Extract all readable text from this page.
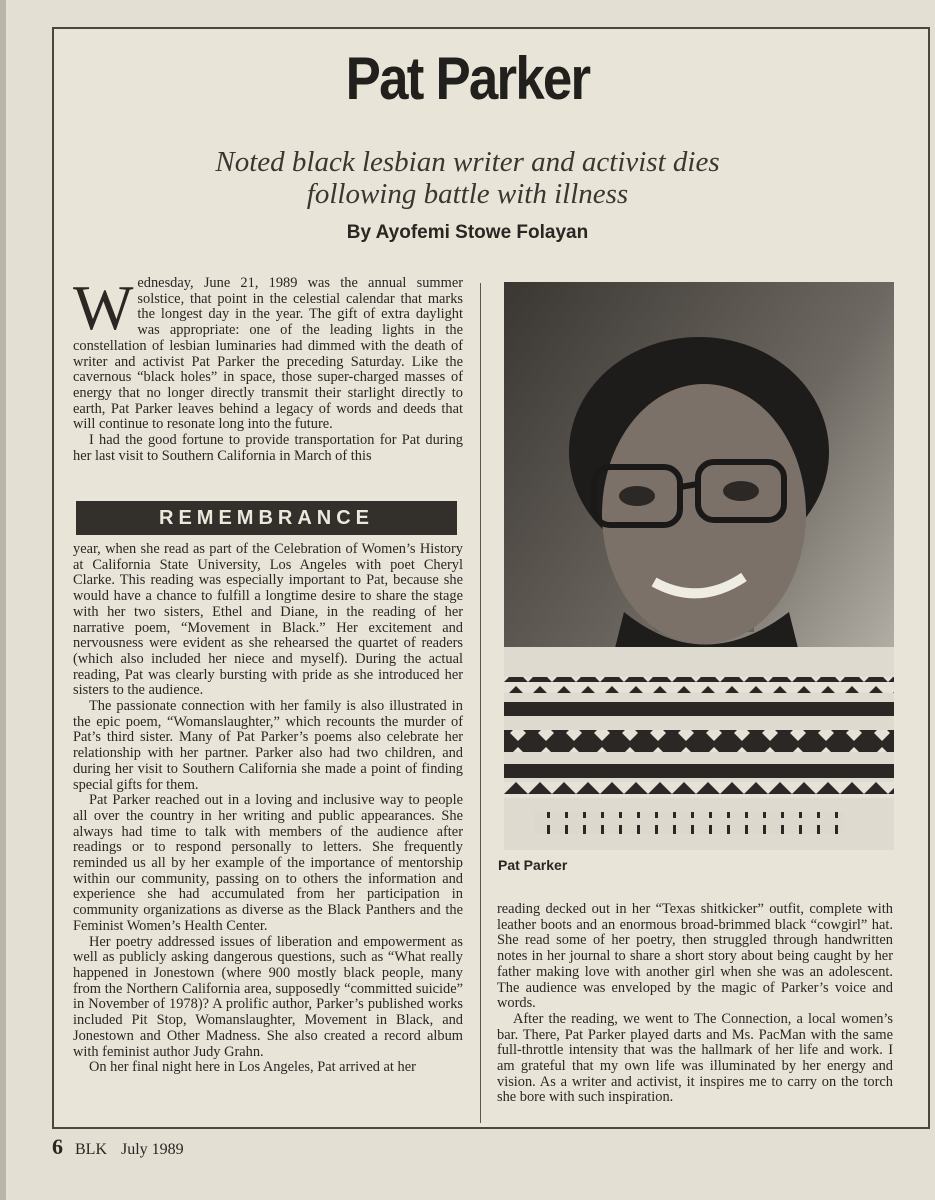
Pat Parker
Noted black lesbian writer and activist dies
following battle with illness
By Ayofemi Stowe Folayan

Wednesday, June 21, 1989 was the annual summer solstice, that point in the celestial calendar that marks the longest day in the year. The gift of extra daylight was appropriate: one of the leading lights in the constellation of lesbian luminaries had dimmed with the death of writer and activist Pat Parker the preceding Saturday. Like the cavernous “black holes” in space, those super-charged masses of energy that no longer directly transmit their starlight directly to earth, Pat Parker leaves behind a legacy of words and deeds that will continue to resonate long into the future.

I had the good fortune to provide transportation for Pat during her last visit to Southern California in March of this

REMEMBRANCE

year, when she read as part of the Celebration of Women’s History at California State University, Los Angeles with poet Cheryl Clarke. This reading was especially important to Pat, because she would have a chance to fulfill a longtime desire to share the stage with her two sisters, Ethel and Diane, in the reading of her narrative poem, “Movement in Black.” Her excitement and nervousness were evident as she rehearsed the quartet of readers (which also included her niece and myself). During the actual reading, Pat was clearly bursting with pride as she introduced her sisters to the audience.

The passionate connection with her family is also illustrated in the epic poem, “Womanslaughter,” which recounts the murder of Pat’s third sister. Many of Pat Parker’s poems also celebrate her relationship with her partner. Parker also had two children, and during her visit to Southern California she made a point of finding special gifts for them.

Pat Parker reached out in a loving and inclusive way to people all over the country in her writing and public appearances. She always had time to talk with members of the audience after readings or to respond personally to letters. She frequently reminded us all by her example of the importance of mentorship within our community, passing on to others the information and experience she had accumulated from her participation in community organizations as diverse as the Black Panthers and the Feminist Women’s Health Center.

Her poetry addressed issues of liberation and empowerment as well as publicly asking dangerous questions, such as “What really happened in Jonestown (where 900 mostly black people, many from the Northern California area, supposedly “committed suicide” in November of 1978)? A prolific author, Parker’s published works included Pit Stop, Womanslaughter, Movement in Black, and Jonestown and Other Madness. She also created a record album with feminist author Judy Grahn.

On her final night here in Los Angeles, Pat arrived at her

Pat Parker

reading decked out in her “Texas shitkicker” outfit, complete with leather boots and an enormous broad-brimmed black “cowgirl” hat. She read some of her poetry, then struggled through handwritten notes in her journal to share a short story about being caught by her father making love with another girl when she was an adolescent. The audience was enveloped by the magic of Parker’s voice and words.

After the reading, we went to The Connection, a local women’s bar. There, Pat Parker played darts and Ms. PacMan with the same full-throttle intensity that was the hallmark of her life and work. I am grateful that my own life was illuminated by her energy and vision. As a writer and activist, it inspires me to carry on the torch she bore with such inspiration.

6 BLK July 1989
